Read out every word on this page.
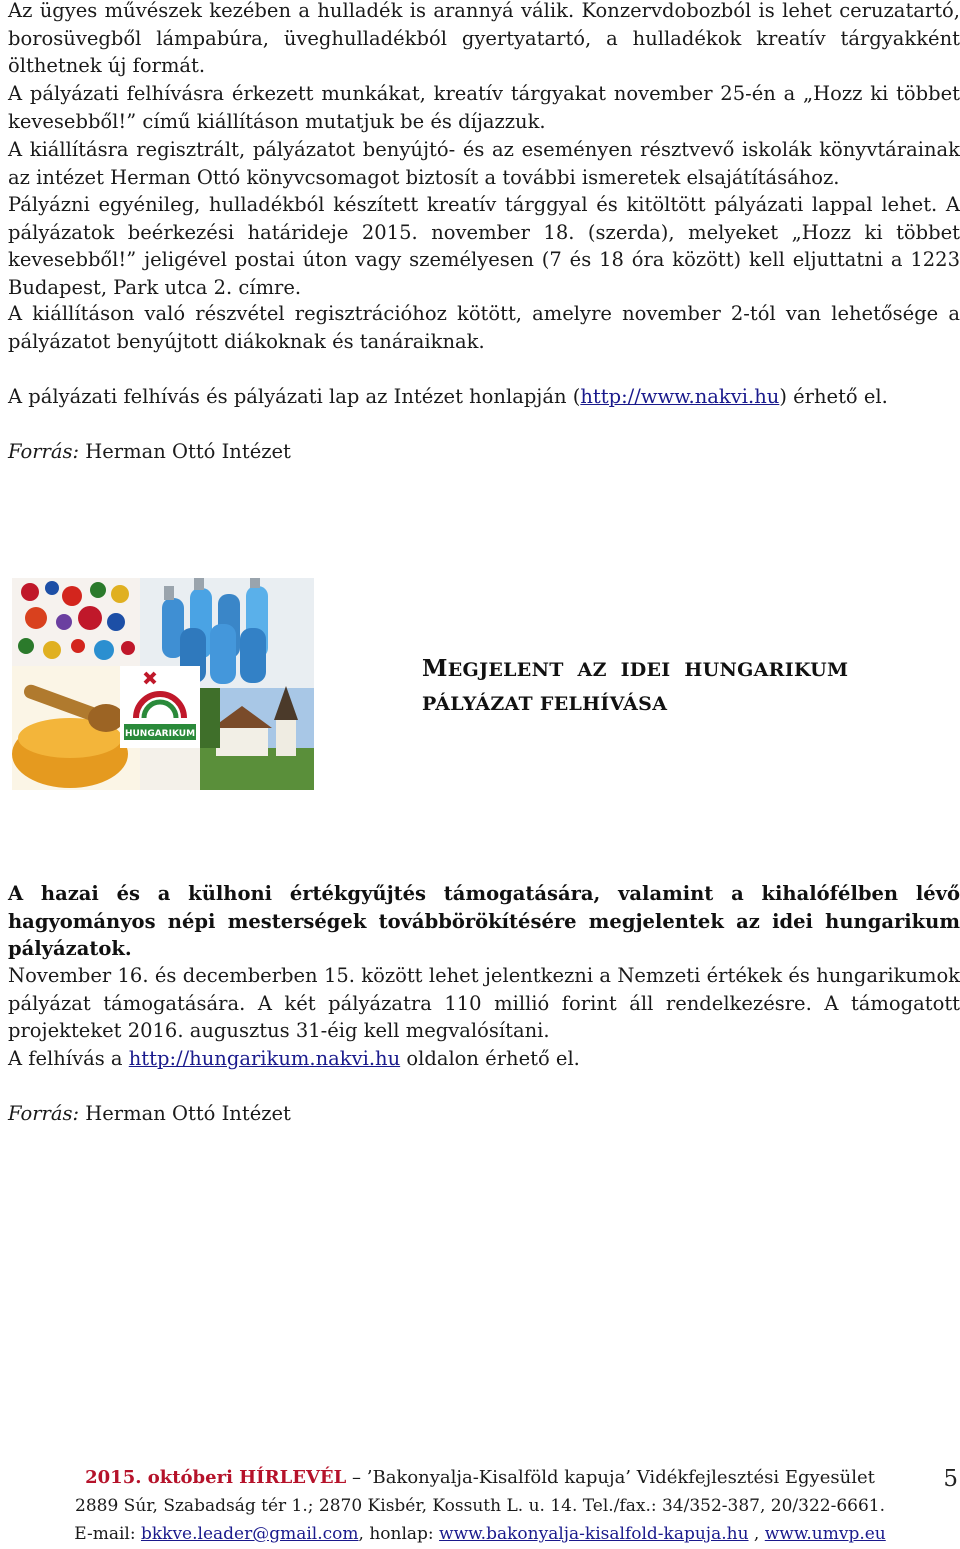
Az ügyes művészek kezében a hulladék is arannyá válik. Konzervdobozból is lehet ceruzatartó, borosüvegből lámpabúra, üveghulladékból gyertyatartó, a hulladékok kreatív tárgyakként ölthetnek új formát.

A pályázati felhívásra érkezett munkákat, kreatív tárgyakat november 25-én a „Hozz ki többet kevesebből!” című kiállításon mutatjuk be és díjazzuk.

A kiállításra regisztrált, pályázatot benyújtó- és az eseményen résztvevő iskolák könyvtárainak az intézet Herman Ottó könyvcsomagot biztosít a további ismeretek elsajátításához.

Pályázni egyénileg, hulladékból készített kreatív tárggyal és kitöltött pályázati lappal lehet. A pályázatok beérkezési határideje 2015. november 18. (szerda), melyeket „Hozz ki többet kevesebből!” jeligével postai úton vagy személyesen (7 és 18 óra között) kell eljuttatni a 1223 Budapest, Park utca 2. címre.

A kiállításon való részvétel regisztrációhoz kötött, amelyre november 2-tól van lehetősége a pályázatot benyújtott diákoknak és tanáraiknak.

A pályázati felhívás és pályázati lap az Intézet honlapján (http://www.nakvi.hu) érhető el.

Forrás: Herman Ottó Intézet

HUNGARIKUM
MEGJELENT  AZ  IDEI  HUNGARIKUM
PÁLYÁZAT FELHÍVÁSA

A hazai és a külhoni értékgyűjtés támogatására, valamint a kihalófélben lévő hagyományos népi mesterségek továbbörökítésére megjelentek az idei hungarikum pályázatok.

November 16. és decemberben 15. között lehet jelentkezni a Nemzeti értékek és hungarikumok pályázat támogatására. A két pályázatra 110 millió forint áll rendelkezésre. A támogatott projekteket 2016. augusztus 31-éig kell megvalósítani.

A felhívás a http://hungarikum.nakvi.hu oldalon érhető el.

Forrás: Herman Ottó Intézet

2015. októberi HÍRLEVÉL – ’Bakonyalja-Kisalföld kapuja’ Vidékfejlesztési Egyesület
2889 Súr, Szabadság tér 1.; 2870 Kisbér, Kossuth L. u. 14. Tel./fax.: 34/352-387, 20/322-6661.
E-mail: bkkve.leader@gmail.com, honlap: www.bakonyalja-kisalfold-kapuja.hu , www.umvp.eu
5
